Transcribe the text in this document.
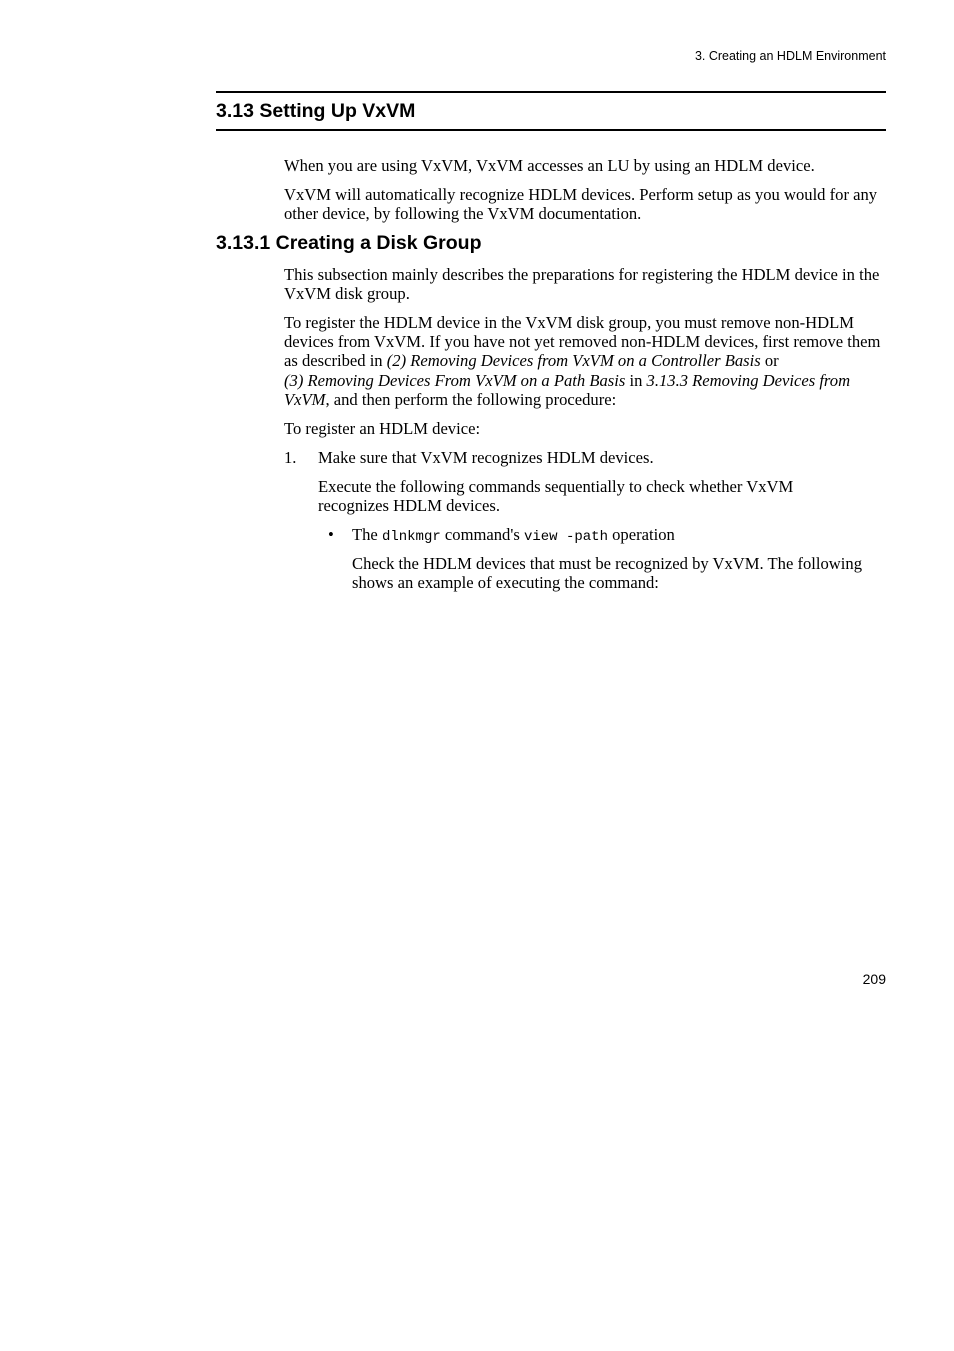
3. Creating an HDLM Environment
3.13 Setting Up VxVM

When you are using VxVM, VxVM accesses an LU by using an HDLM device.

VxVM will automatically recognize HDLM devices. Perform setup as you would for any other device, by following the VxVM documentation.

3.13.1 Creating a Disk Group

This subsection mainly describes the preparations for registering the HDLM device in the VxVM disk group.

To register the HDLM device in the VxVM disk group, you must remove non-HDLM devices from VxVM. If you have not yet removed non-HDLM devices, first remove them as described in (2) Removing Devices from VxVM on a Controller Basis or
(3) Removing Devices From VxVM on a Path Basis in 3.13.3 Removing Devices from VxVM, and then perform the following procedure:

To register an HDLM device:

1. Make sure that VxVM recognizes HDLM devices.

Execute the following commands sequentially to check whether VxVM recognizes HDLM devices.

• The dlnkmgr command's view -path operation

Check the HDLM devices that must be recognized by VxVM. The following shows an example of executing the command:

209
